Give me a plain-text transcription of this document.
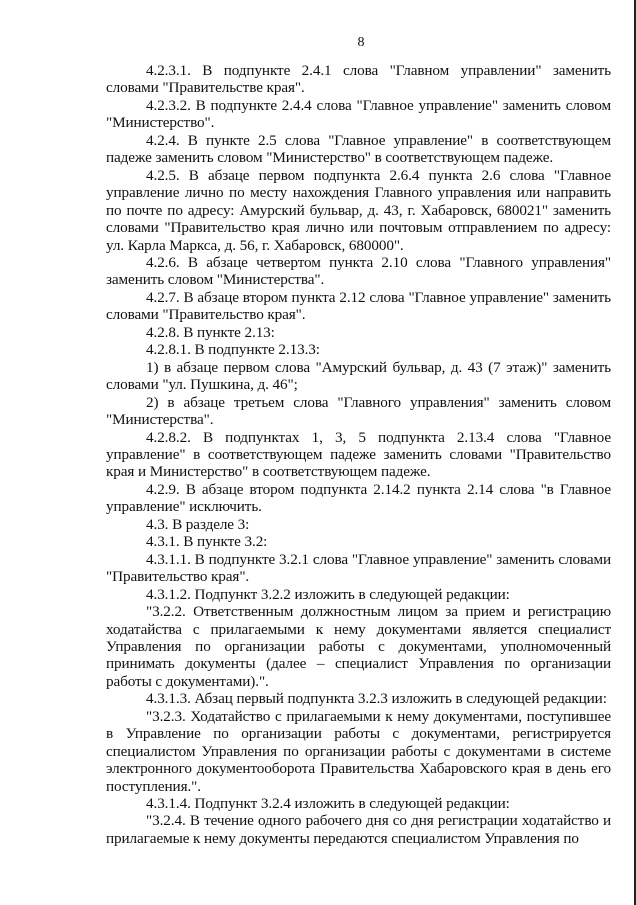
8

4.2.3.1. В подпункте 2.4.1 слова "Главном управлении" заменить словами "Правительстве края".

4.2.3.2. В подпункте 2.4.4 слова "Главное управление" заменить словом "Министерство".

4.2.4. В пункте 2.5 слова "Главное управление" в соответствующем падеже заменить словом "Министерство" в соответствующем падеже.

4.2.5. В абзаце первом подпункта 2.6.4 пункта 2.6 слова "Главное управление лично по месту нахождения Главного управления или направить по почте по адресу: Амурский бульвар, д. 43, г. Хабаровск, 680021" заменить словами "Правительство края лично или почтовым отправлением по адресу: ул. Карла Маркса, д. 56, г. Хабаровск, 680000".

4.2.6. В абзаце четвертом пункта 2.10 слова "Главного управления" заменить словом "Министерства".

4.2.7. В абзаце втором пункта 2.12 слова "Главное управление" заменить словами "Правительство края".

4.2.8. В пункте 2.13:

4.2.8.1. В подпункте 2.13.3:

1) в абзаце первом слова "Амурский бульвар, д. 43 (7 этаж)" заменить словами "ул. Пушкина, д. 46";

2) в абзаце третьем слова "Главного управления" заменить словом "Министерства".

4.2.8.2. В подпунктах 1, 3, 5 подпункта 2.13.4 слова "Главное управление" в соответствующем падеже заменить словами "Правительство края и Министерство" в соответствующем падеже.

4.2.9. В абзаце втором подпункта 2.14.2 пункта 2.14 слова "в Главное управление" исключить.

4.3. В разделе 3:

4.3.1. В пункте 3.2:

4.3.1.1. В подпункте 3.2.1 слова "Главное управление" заменить словами "Правительство края".

4.3.1.2. Подпункт 3.2.2 изложить в следующей редакции:

"3.2.2. Ответственным должностным лицом за прием и регистрацию ходатайства с прилагаемыми к нему документами является специалист Управления по организации работы с документами, уполномоченный принимать документы (далее – специалист Управления по организации работы с документами).".

4.3.1.3. Абзац первый подпункта 3.2.3 изложить в следующей редакции:

"3.2.3. Ходатайство с прилагаемыми к нему документами, поступившее в Управление по организации работы с документами, регистрируется специалистом Управления по организации работы с документами в системе электронного документооборота Правительства Хабаровского края в день его поступления.".

4.3.1.4. Подпункт 3.2.4 изложить в следующей редакции:

"3.2.4. В течение одного рабочего дня со дня регистрации ходатайство и прилагаемые к нему документы передаются специалистом Управления по
